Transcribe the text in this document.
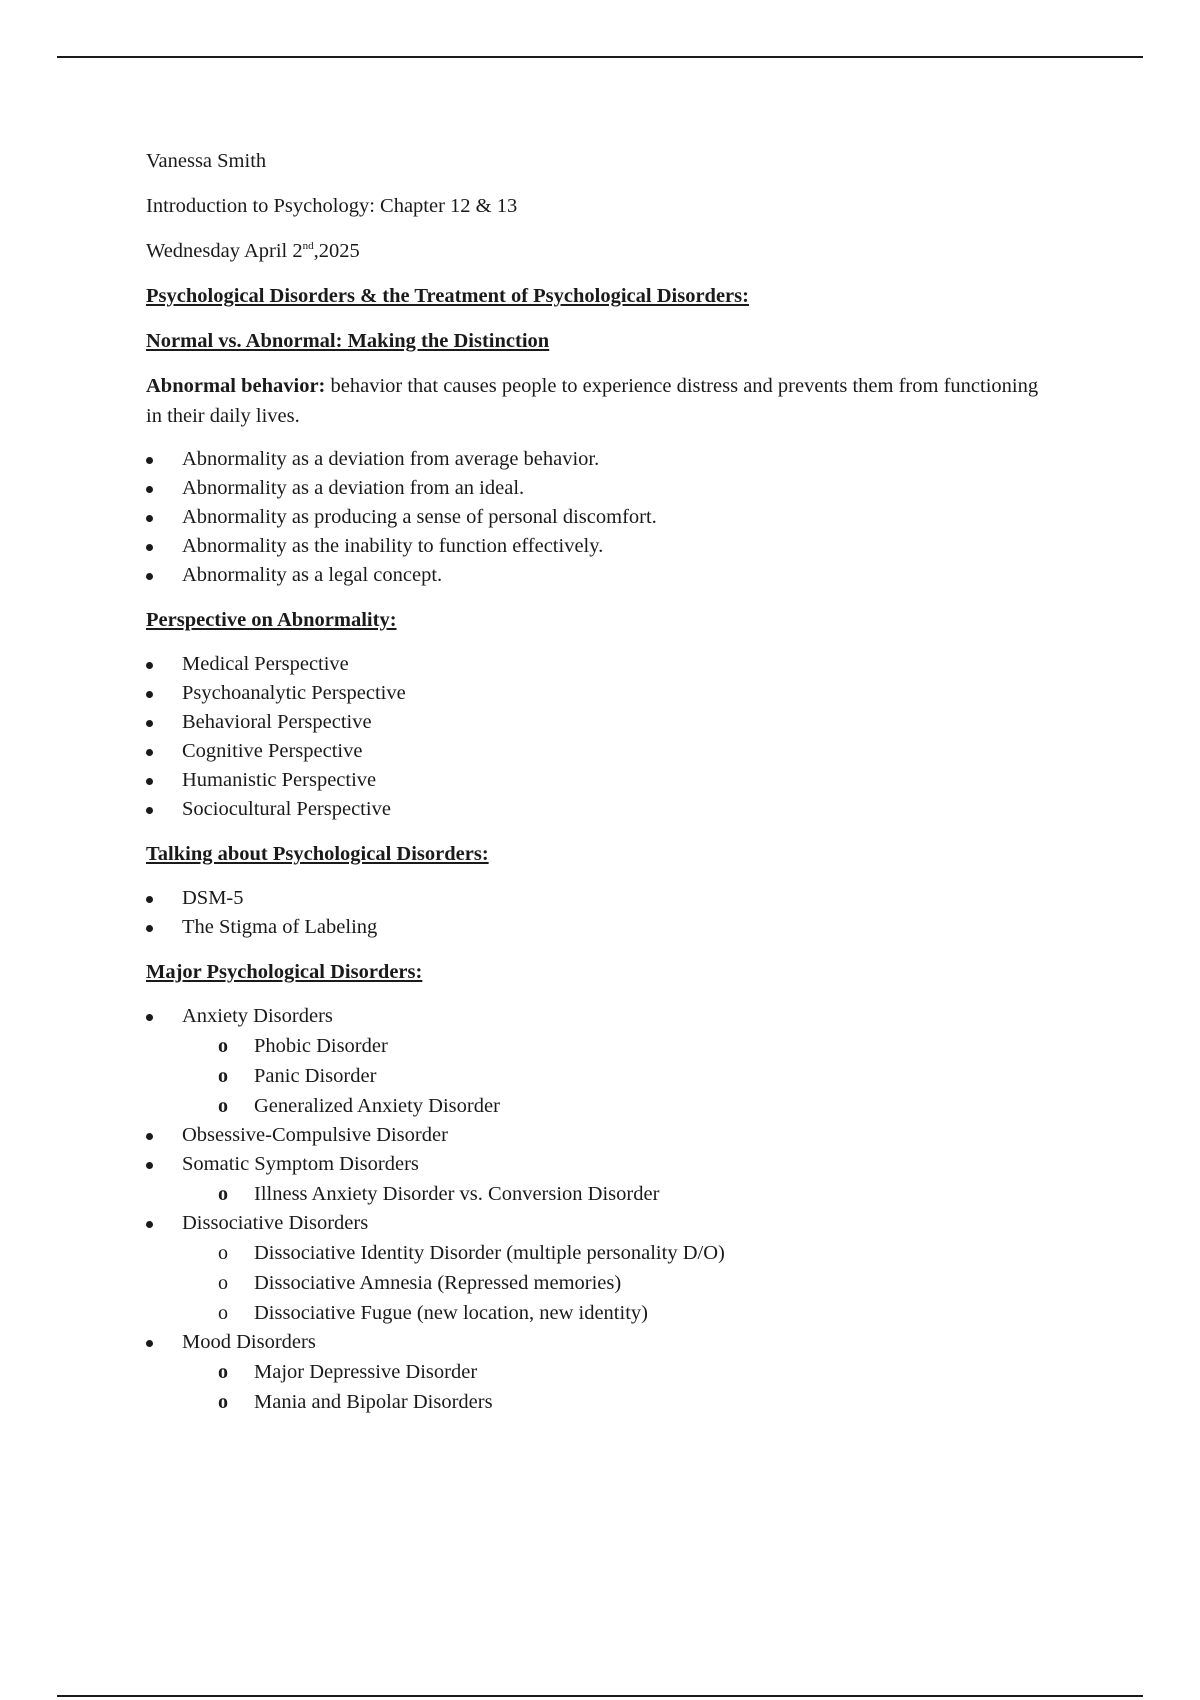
Vanessa Smith
Introduction to Psychology: Chapter 12 & 13
Wednesday April 2nd,2025
Psychological Disorders & the Treatment of Psychological Disorders:
Normal vs. Abnormal: Making the Distinction
Abnormal behavior: behavior that causes people to experience distress and prevents them from functioning in their daily lives.
Abnormality as a deviation from average behavior.
Abnormality as a deviation from an ideal.
Abnormality as producing a sense of personal discomfort.
Abnormality as the inability to function effectively.
Abnormality as a legal concept.
Perspective on Abnormality:
Medical Perspective
Psychoanalytic Perspective
Behavioral Perspective
Cognitive Perspective
Humanistic Perspective
Sociocultural Perspective
Talking about Psychological Disorders:
DSM-5
The Stigma of Labeling
Major Psychological Disorders:
Anxiety Disorders
o Phobic Disorder
o Panic Disorder
o Generalized Anxiety Disorder
Obsessive-Compulsive Disorder
Somatic Symptom Disorders
o Illness Anxiety Disorder vs. Conversion Disorder
Dissociative Disorders
o Dissociative Identity Disorder (multiple personality D/O)
o Dissociative Amnesia (Repressed memories)
o Dissociative Fugue (new location, new identity)
Mood Disorders
o Major Depressive Disorder
o Mania and Bipolar Disorders
